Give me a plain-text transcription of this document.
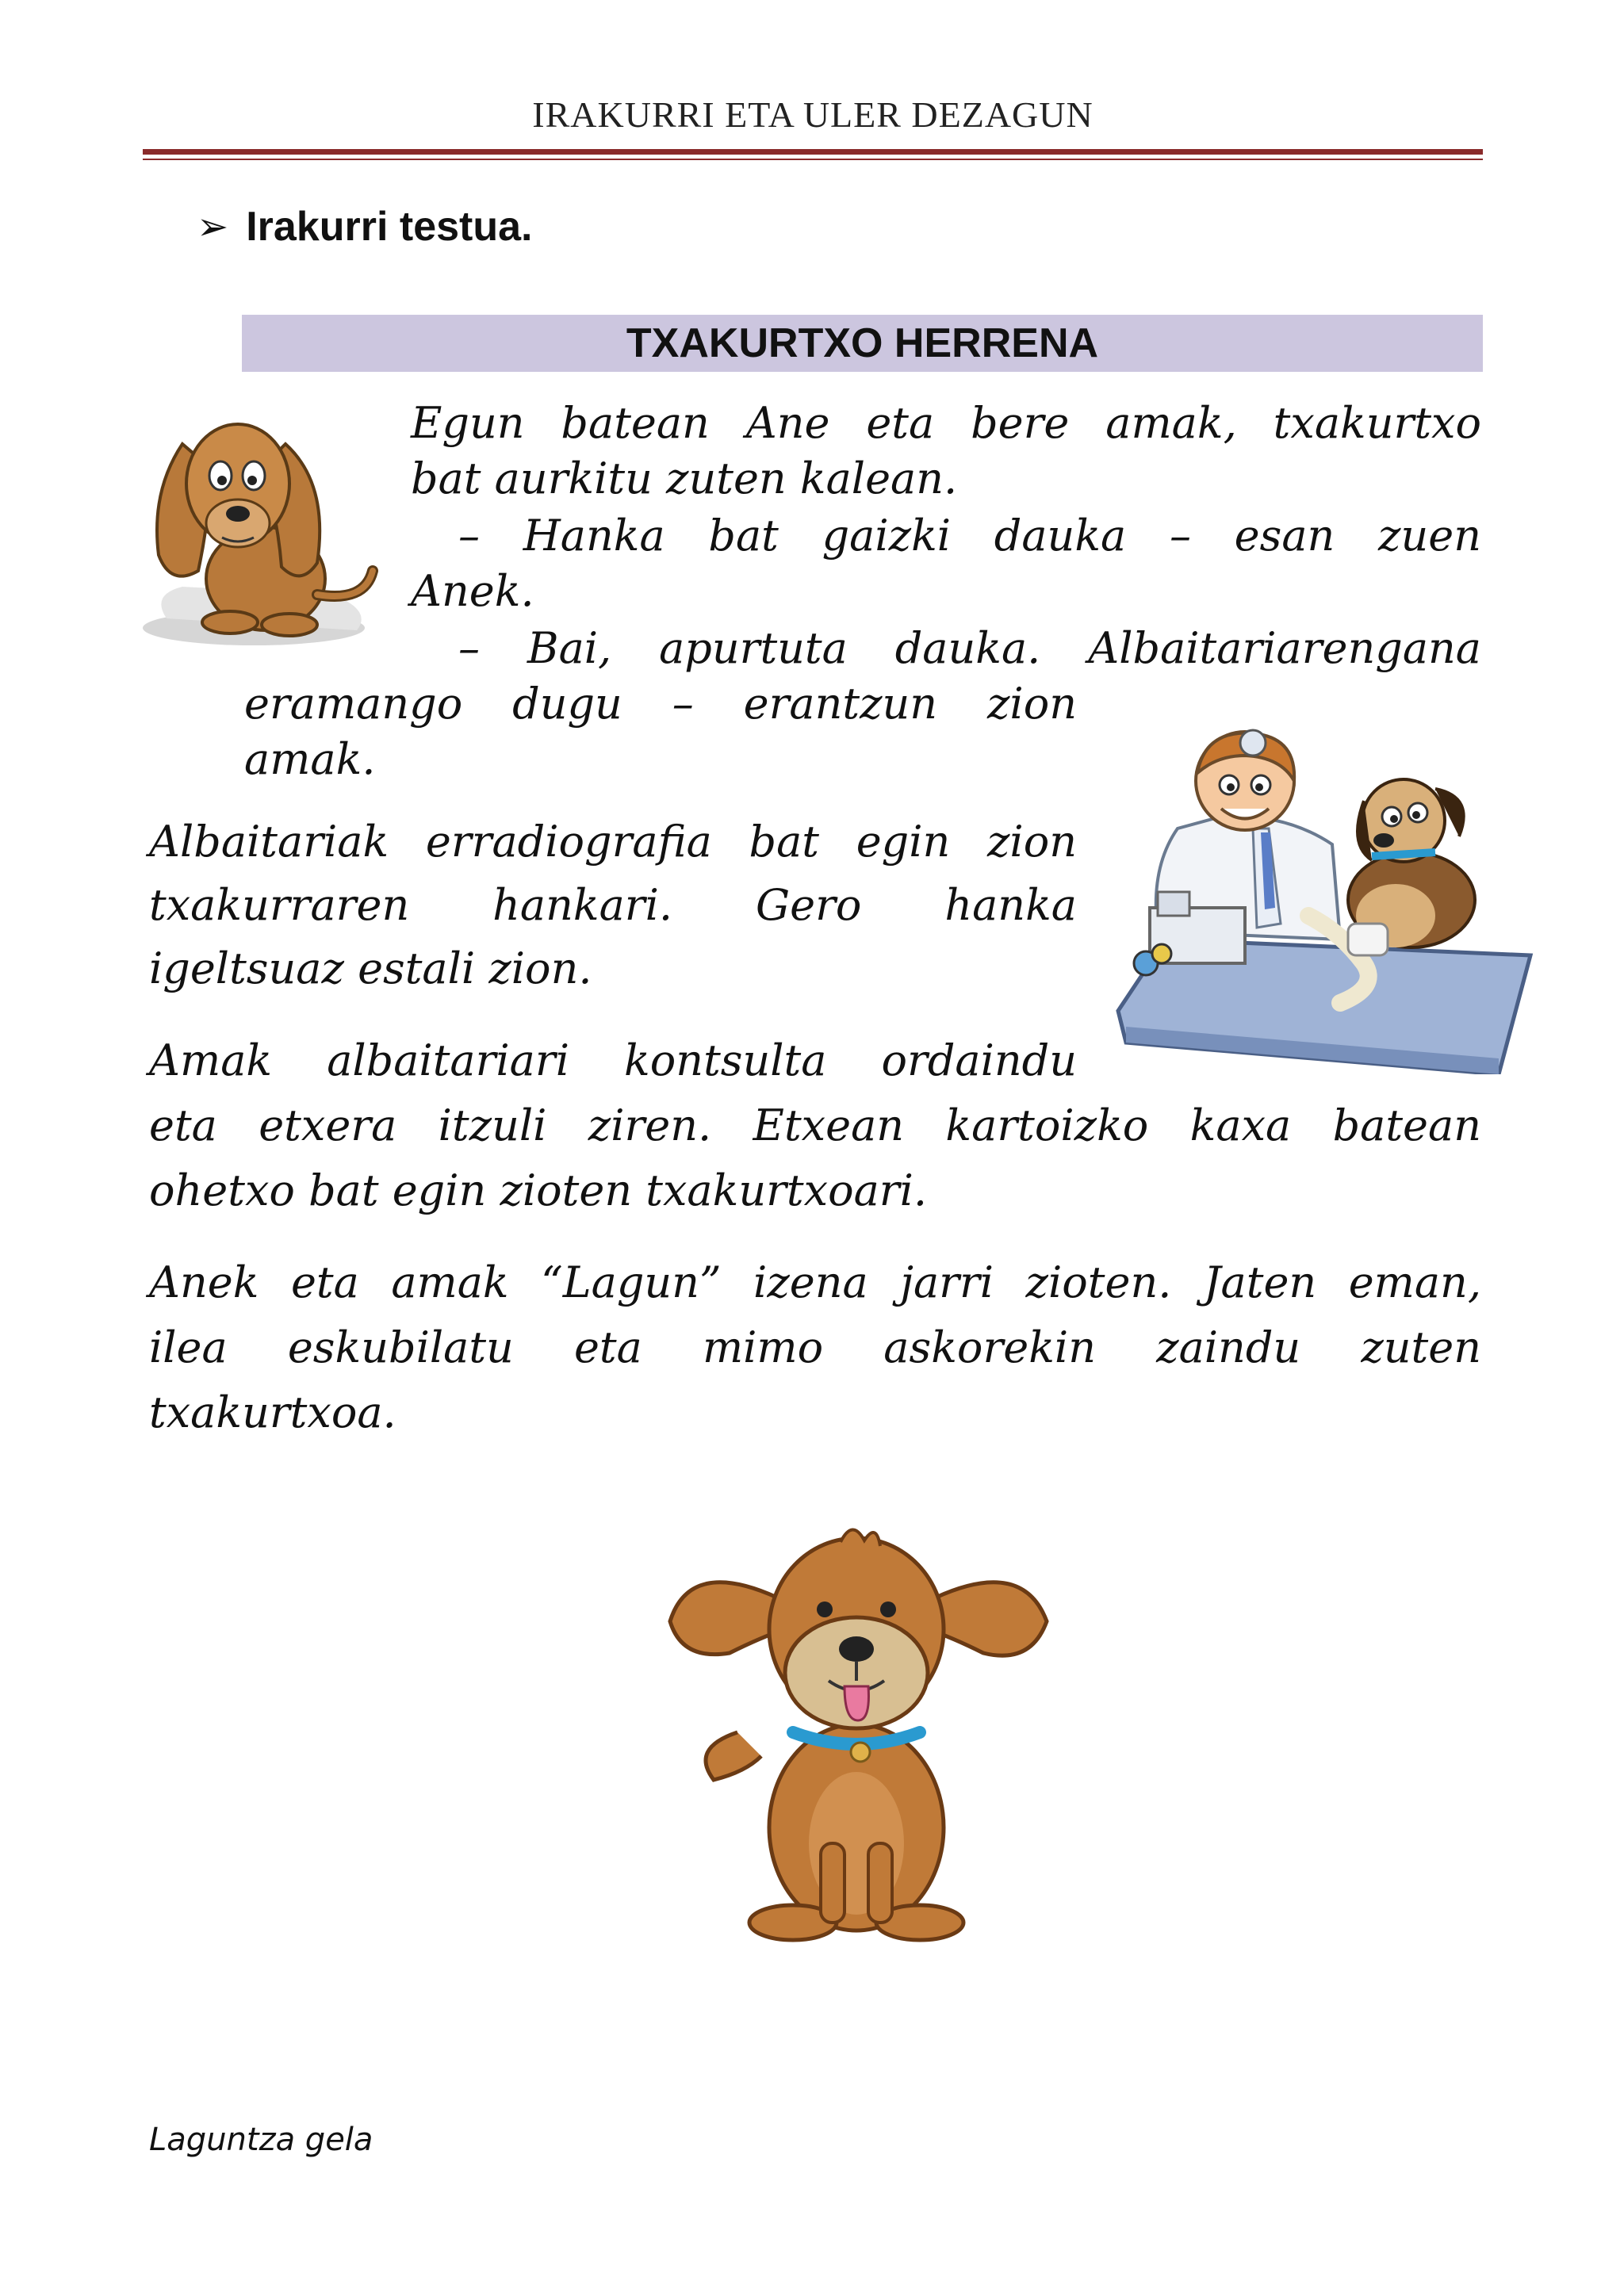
IRAKURRI ETA ULER DEZAGUN
➢ Irakurri testua.
TXAKURTXO HERRENA
Egun batean Ane eta bere amak, txakurtxo
bat aurkitu zuten kalean.
– Hanka bat gaizki dauka – esan zuen
Anek.
– Bai, apurtuta dauka. Albaitariarengana
eramango dugu – erantzun zion
amak.
Albaitariak erradiografia bat egin zion
txakurraren hankari. Gero hanka
igeltsuaz estali zion.
Amak albaitariari kontsulta ordaindu
eta etxera itzuli ziren. Etxean kartoizko kaxa batean
ohetxo bat egin zioten txakurtxoari.
Anek eta amak “Lagun” izena jarri zioten. Jaten eman,
ilea eskubilatu eta mimo askorekin zaindu zuten
txakurtxoa.
Laguntza gela
